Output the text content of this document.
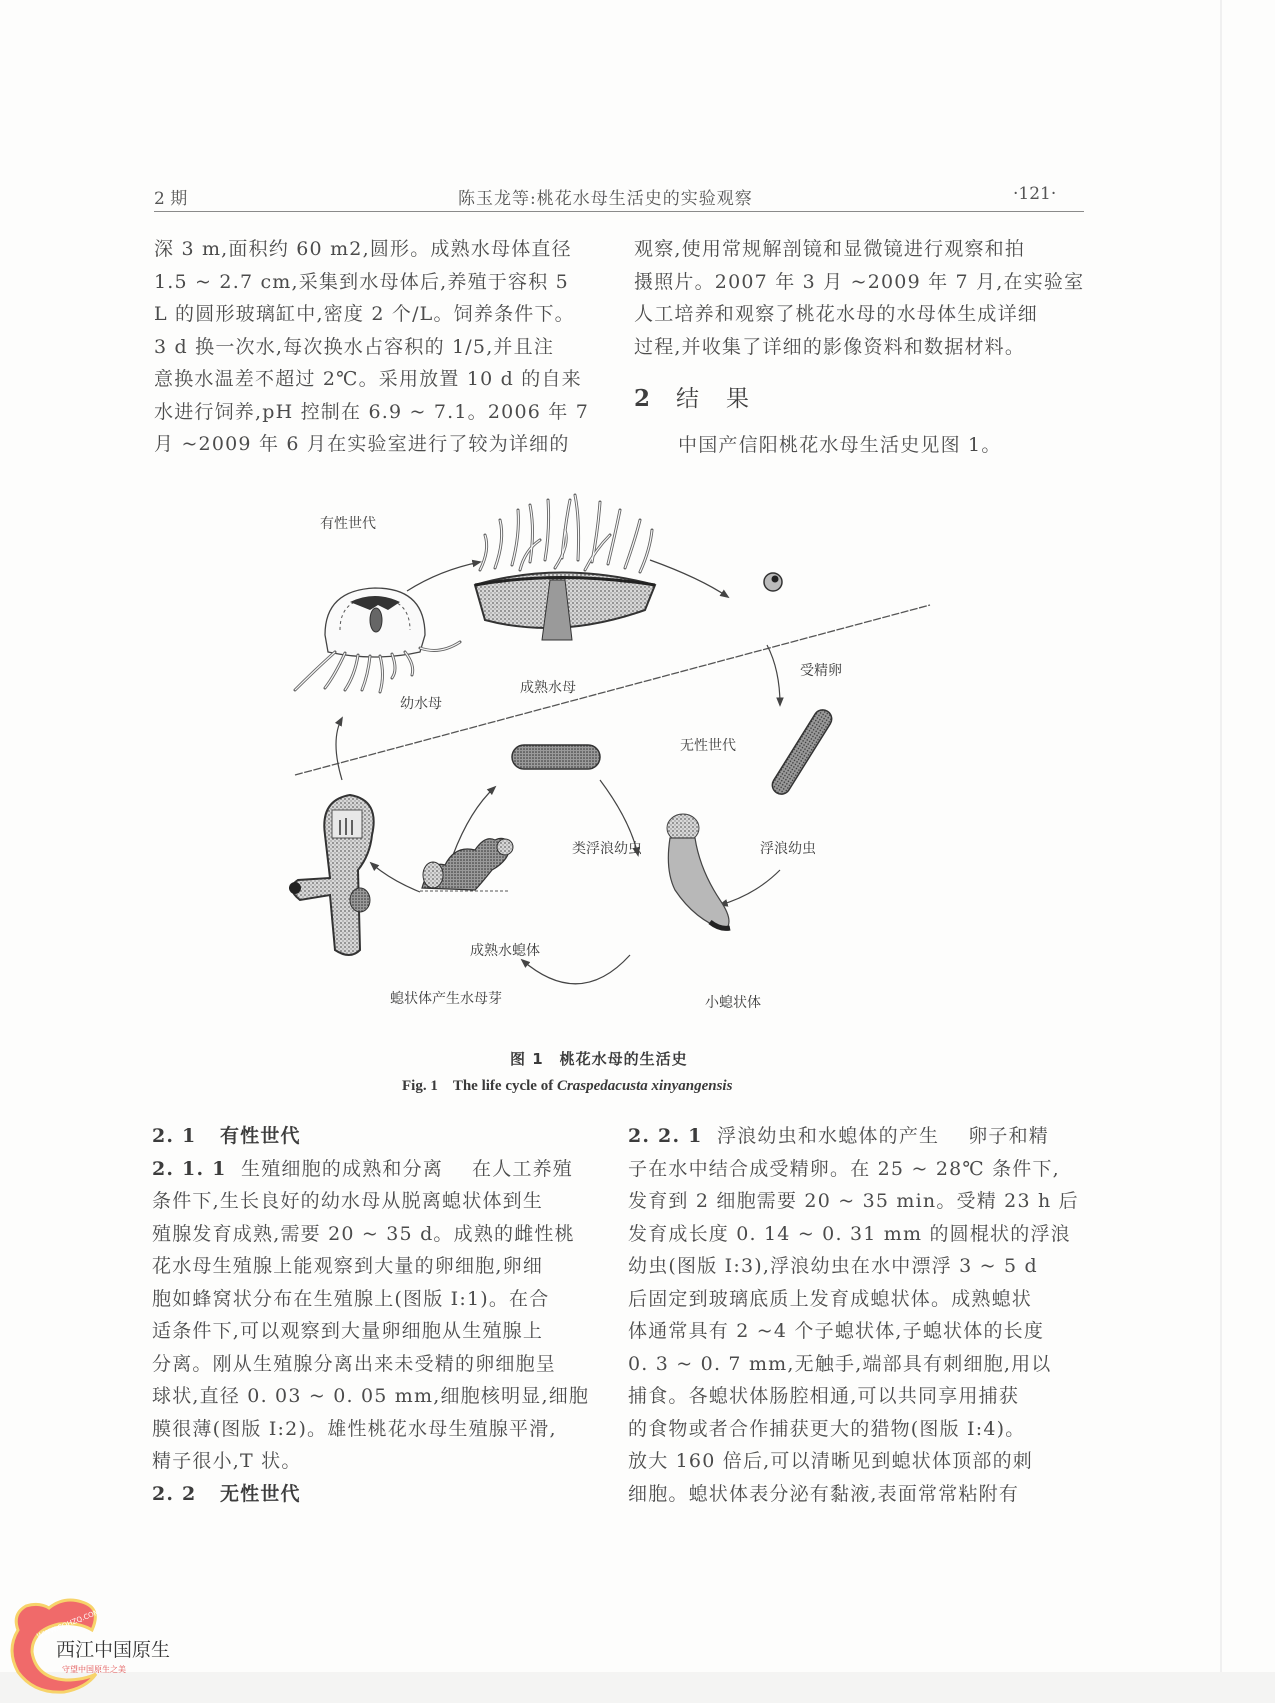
2 期	陈玉龙等:桃花水母生活史的实验观察	·121·
深 3 m,面积约 60 m2,圆形。成熟水母体直径
1.5 ~ 2.7 cm,采集到水母体后,养殖于容积 5
L 的圆形玻璃缸中,密度 2 个/L。饲养条件下。
3 d 换一次水,每次换水占容积的 1/5,并且注
意换水温差不超过 2℃。采用放置 10 d 的自来
水进行饲养,pH 控制在 6.9 ~ 7.1。2006 年 7
月 ~2009 年 6 月在实验室进行了较为详细的
观察,使用常规解剖镜和显微镜进行观察和拍
摄照片。2007 年 3 月 ~2009 年 7 月,在实验室
人工培养和观察了桃花水母的水母体生成详细
过程,并收集了详细的影像资料和数据材料。
2 结　果
中国产信阳桃花水母生活史见图 1。
有性世代
幼水母
成熟水母
受精卵
无性世代
类浮浪幼虫	浮浪幼虫
成熟水螅体
螅状体产生水母芽	小螅状体
图 1　桃花水母的生活史
Fig. 1　The life cycle of Craspedacusta xinyangensis
2. 1 有性世代
2. 1. 1 生殖细胞的成熟和分离 在人工养殖
条件下,生长良好的幼水母从脱离螅状体到生
殖腺发育成熟,需要 20 ~ 35 d。成熟的雌性桃
花水母生殖腺上能观察到大量的卵细胞,卵细
胞如蜂窝状分布在生殖腺上(图版 I:1)。在合
适条件下,可以观察到大量卵细胞从生殖腺上
分离。刚从生殖腺分离出来未受精的卵细胞呈
球状,直径 0. 03 ~ 0. 05 mm,细胞核明显,细胞
膜很薄(图版 I:2)。雄性桃花水母生殖腺平滑,
精子很小,T 状。
2. 2 无性世代
2. 2. 1 浮浪幼虫和水螅体的产生 卵子和精
子在水中结合成受精卵。在 25 ~ 28℃ 条件下,
发育到 2 细胞需要 20 ~ 35 min。受精 23 h 后
发育成长度 0. 14 ~ 0. 31 mm 的圆棍状的浮浪
幼虫(图版 I:3),浮浪幼虫在水中漂浮 3 ~ 5 d
后固定到玻璃底质上发育成螅状体。成熟螅状
体通常具有 2 ~4 个子螅状体,子螅状体的长度
0. 3 ~ 0. 7 mm,无触手,端部具有刺细胞,用以
捕食。各螅状体肠腔相通,可以共同享用捕获
的食物或者合作捕获更大的猎物(图版 I:4)。
放大 160 倍后,可以清晰见到螅状体顶部的刺
细胞。螅状体表分泌有黏液,表面常常粘附有
WWW.CQHZQ.COM
西江中国原生
守望中国原生之美
